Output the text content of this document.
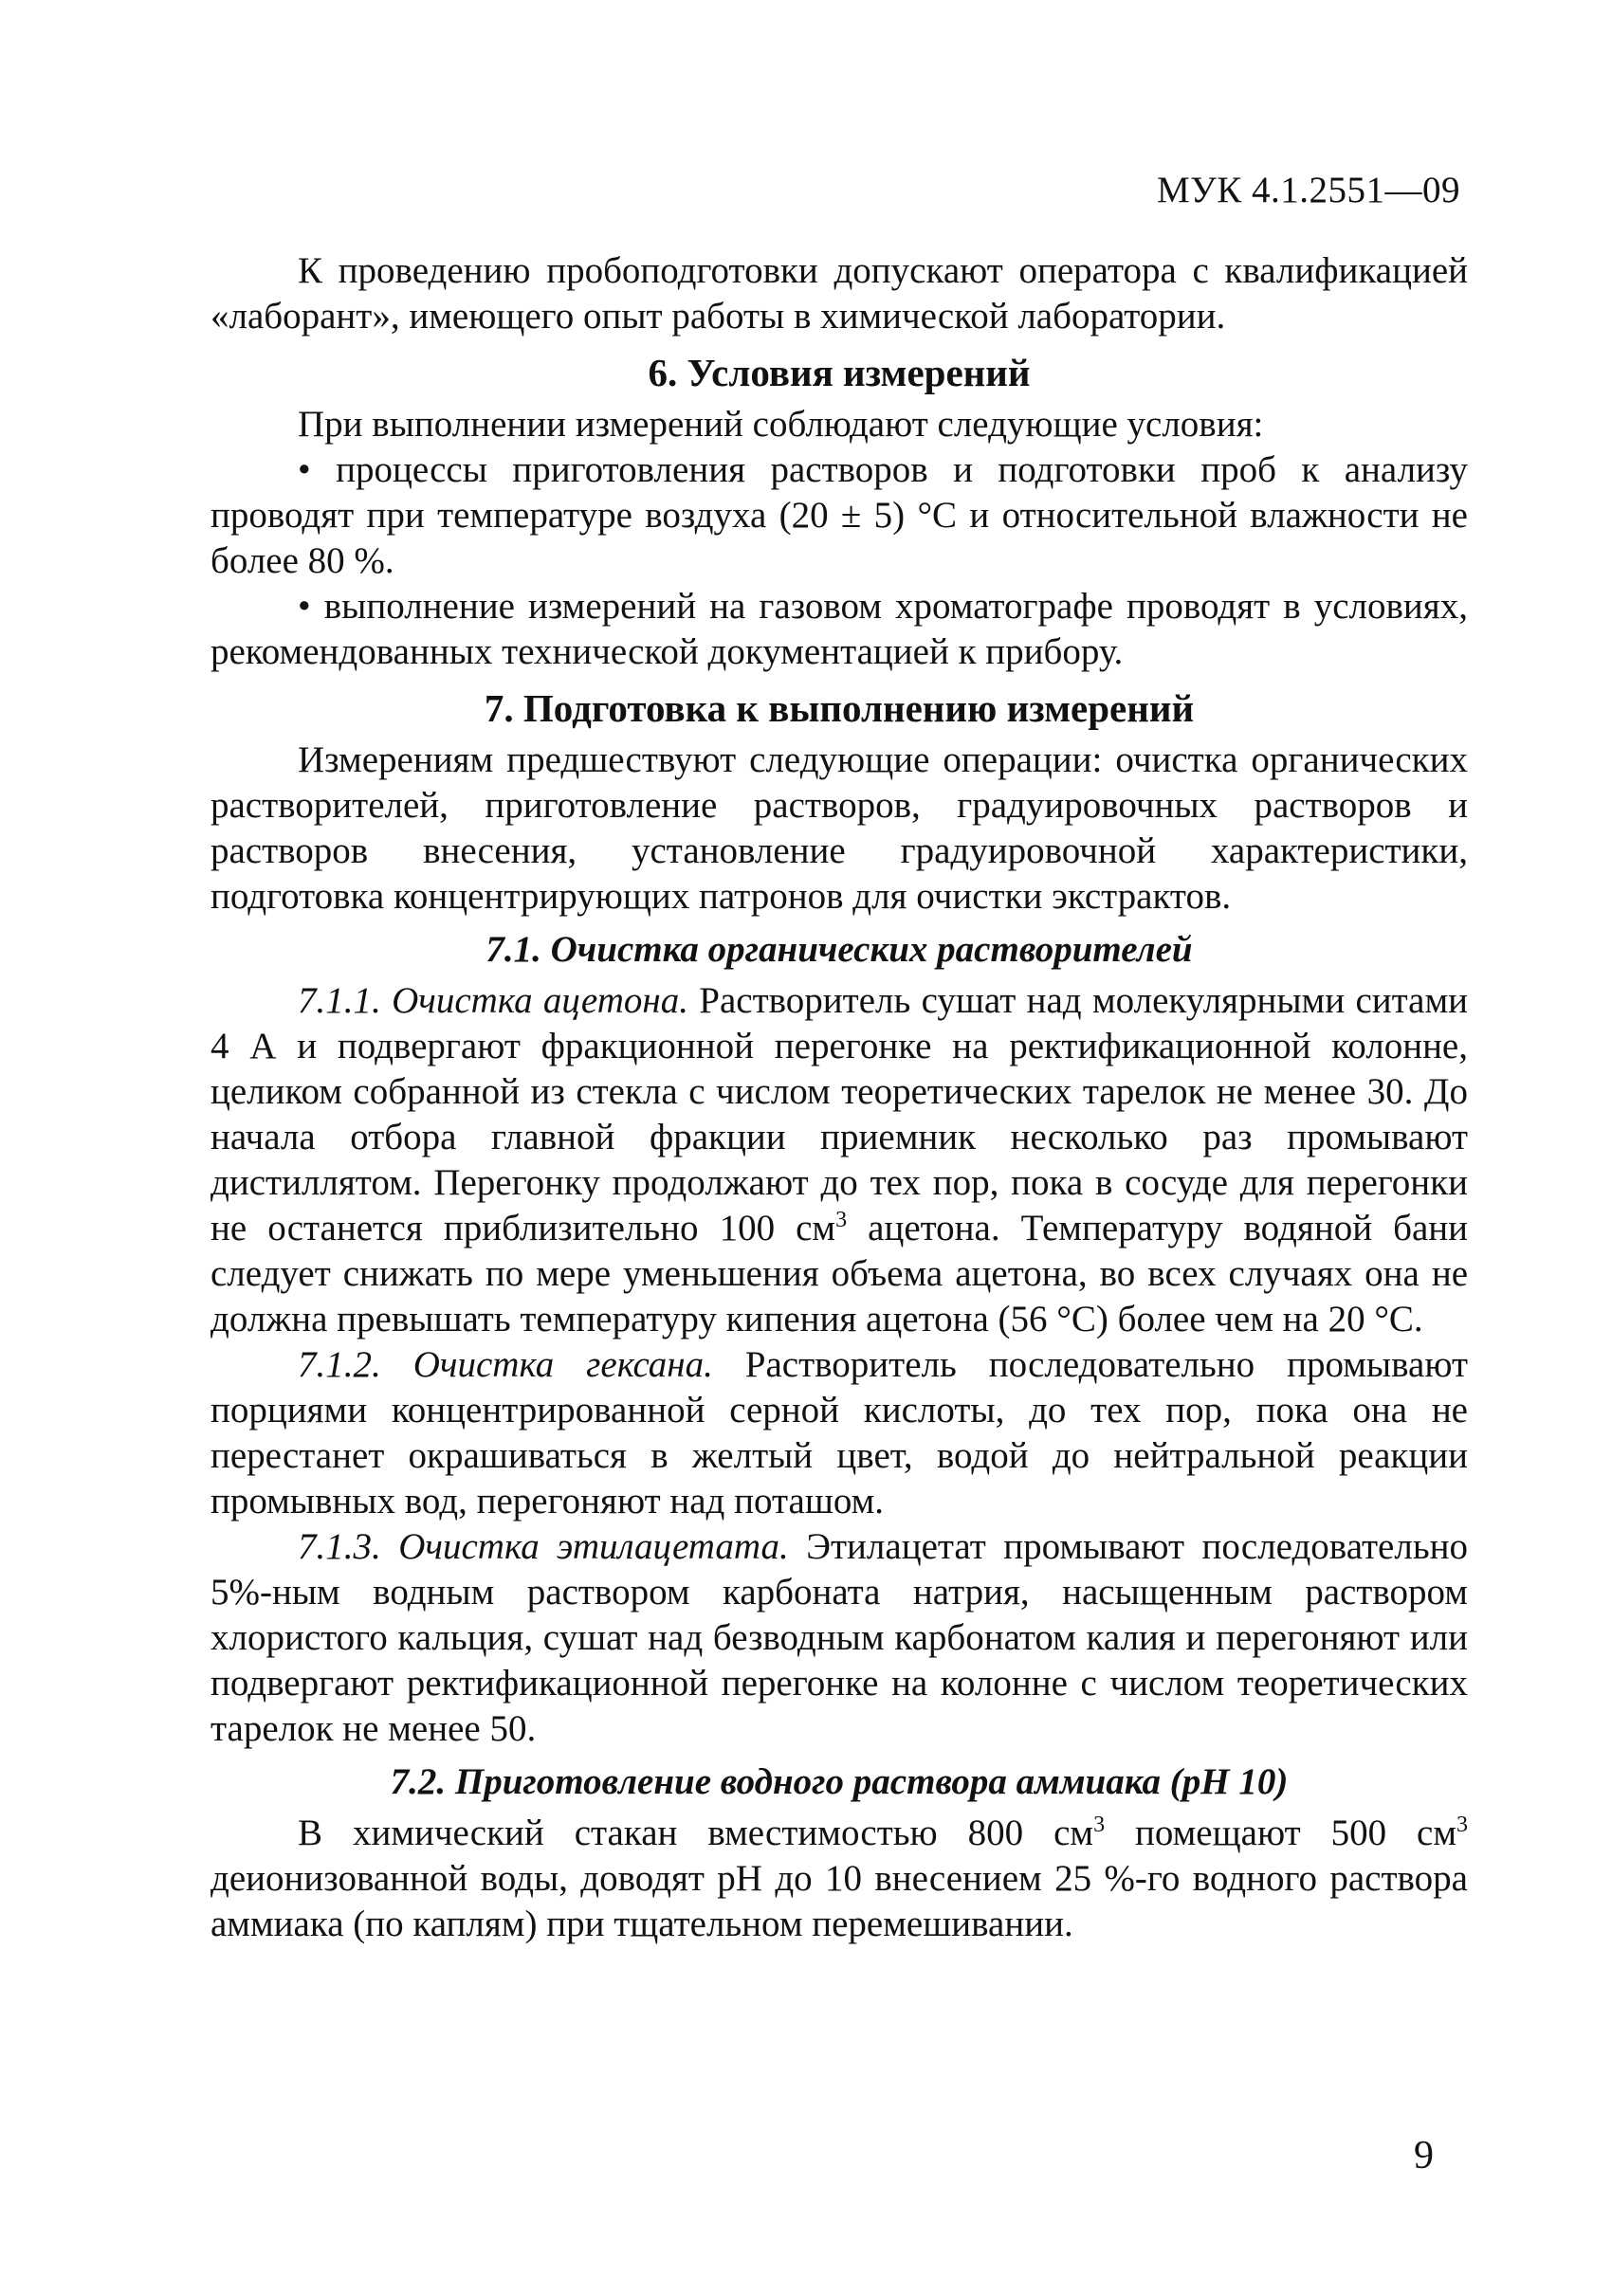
МУК 4.1.2551—09

К проведению пробоподготовки допускают оператора с квалификацией «лаборант», имеющего опыт работы в химической лаборатории.

6. Условия измерений

При выполнении измерений соблюдают следующие условия:

• процессы приготовления растворов и подготовки проб к анализу проводят при температуре воздуха (20 ± 5) °С и относительной влажности не более 80 %.

• выполнение измерений на газовом хроматографе проводят в условиях, рекомендованных технической документацией к прибору.

7. Подготовка к выполнению измерений

Измерениям предшествуют следующие операции: очистка органических растворителей, приготовление растворов, градуировочных растворов и растворов внесения, установление градуировочной характеристики, подготовка концентрирующих патронов для очистки экстрактов.

7.1. Очистка органических растворителей

7.1.1. Очистка ацетона. Растворитель сушат над молекулярными ситами 4 А и подвергают фракционной перегонке на ректификационной колонне, целиком собранной из стекла с числом теоретических тарелок не менее 30. До начала отбора главной фракции приемник несколько раз промывают дистиллятом. Перегонку продолжают до тех пор, пока в сосуде для перегонки не останется приблизительно 100 $см^3$ ацетона. Температуру водяной бани следует снижать по мере уменьшения объема ацетона, во всех случаях она не должна превышать температуру кипения ацетона (56 °С) более чем на 20 °С.

7.1.2. Очистка гексана. Растворитель последовательно промывают порциями концентрированной серной кислоты, до тех пор, пока она не перестанет окрашиваться в желтый цвет, водой до нейтральной реакции промывных вод, перегоняют над поташом.

7.1.3. Очистка этилацетата. Этилацетат промывают последовательно 5%-ным водным раствором карбоната натрия, насыщенным раствором хлористого кальция, сушат над безводным карбонатом калия и перегоняют или подвергают ректификационной перегонке на колонне с числом теоретических тарелок не менее 50.

7.2. Приготовление водного раствора аммиака (рН 10)

В химический стакан вместимостью 800 $см^3$ помещают 500 $см^3$ деионизованной воды, доводят рН до 10 внесением 25 %-го водного раствора аммиака (по каплям) при тщательном перемешивании.

9
